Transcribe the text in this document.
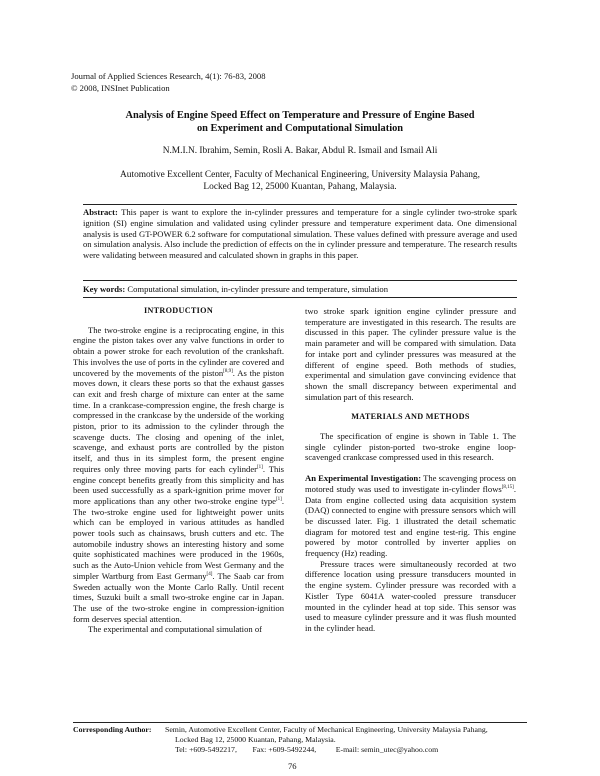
Journal of Applied Sciences Research, 4(1): 76-83, 2008
© 2008, INSInet Publication
Analysis of Engine Speed Effect on Temperature and Pressure of Engine Based
on Experiment and Computational Simulation
N.M.I.N. Ibrahim, Semin, Rosli A. Bakar, Abdul R. Ismail and Ismail Ali
Automotive Excellent Center, Faculty of Mechanical Engineering, University Malaysia Pahang,
Locked Bag 12, 25000 Kuantan, Pahang, Malaysia.
Abstract: This paper is want to explore the in-cylinder pressures and temperature for a single cylinder two-stroke spark ignition (SI) engine simulation and validated using cylinder pressure and temperature experiment data. One dimensional analysis is used GT-POWER 6.2 software for computational simulation. These values defined with pressure average and used on simulation analysis. Also include the prediction of effects on the in cylinder pressure and temperature. The research results were validating between measured and calculated shown in graphs in this paper.
Key words: Computational simulation, in-cylinder pressure and temperature, simulation

INTRODUCTION

The two-stroke engine is a reciprocating engine, in this engine the piston takes over any valve functions in order to obtain a power stroke for each revolution of the crankshaft. This involves the use of ports in the cylinder are covered and uncovered by the movements of the piston[8,9]. As the piston moves down, it clears these ports so that the exhaust gasses can exit and fresh charge of mixture can enter at the same time. In a crankcase-compression engine, the fresh charge is compressed in the crankcase by the underside of the working piston, prior to its admission to the cylinder through the scavenge ducts. The closing and opening of the inlet, scavenge, and exhaust ports are controlled by the piston itself, and thus in its simplest form, the present engine requires only three moving parts for each cylinder[1]. This engine concept benefits greatly from this simplicity and has been used successfully as a spark-ignition prime mover for more applications than any other two-stroke engine type[1]. The two-stroke engine used for lightweight power units which can be employed in various attitudes as handled power tools such as chainsaws, brush cutters and etc. The automobile industry shows an interesting history and some quite sophisticated machines were produced in the 1960s, such as the Auto-Union vehicle from West Germany and the simpler Wartburg from East Germany[4]. The Saab car from Sweden actually won the Monte Carlo Rally. Until recent times, Suzuki built a small two-stroke engine car in Japan. The use of the two-stroke engine in compression-ignition form deserves special attention.

The experimental and computational simulation of

two stroke spark ignition engine cylinder pressure and temperature are investigated in this research. The results are discussed in this paper. The cylinder pressure value is the main parameter and will be compared with simulation. Data for intake port and cylinder pressures was measured at the different of engine speed. Both methods of studies, experimental and simulation gave convincing evidence that shown the small discrepancy between experimental and simulation part of this research.

MATERIALS AND METHODS

The specification of engine is shown in Table 1. The single cylinder piston-ported two-stroke engine loop-scavenged crankcase compressed used in this research.

An Experimental Investigation: The scavenging process on motored study was used to investigate in-cylinder flows[8,15]. Data from engine collected using data acquisition system (DAQ) connected to engine with pressure sensors which will be discussed later. Fig. 1 illustrated the detail schematic diagram for motored test and engine test-rig. This engine powered by motor controlled by inverter applies on frequency (Hz) reading.

Pressure traces were simultaneously recorded at two difference location using pressure transducers mounted in the engine system. Cylinder pressure was recorded with a Kistler Type 6041A water-cooled pressure transducer mounted in the cylinder head at top side. This sensor was used to measure cylinder pressure and it was flush mounted in the cylinder head.

Corresponding Author: Semin, Automotive Excellent Center, Faculty of Mechanical Engineering, University Malaysia Pahang,
Locked Bag 12, 25000 Kuantan, Pahang, Malaysia.
Tel: +609-5492217, Fax: +609-5492244,	E-mail: semin_utec@yahoo.com
76
